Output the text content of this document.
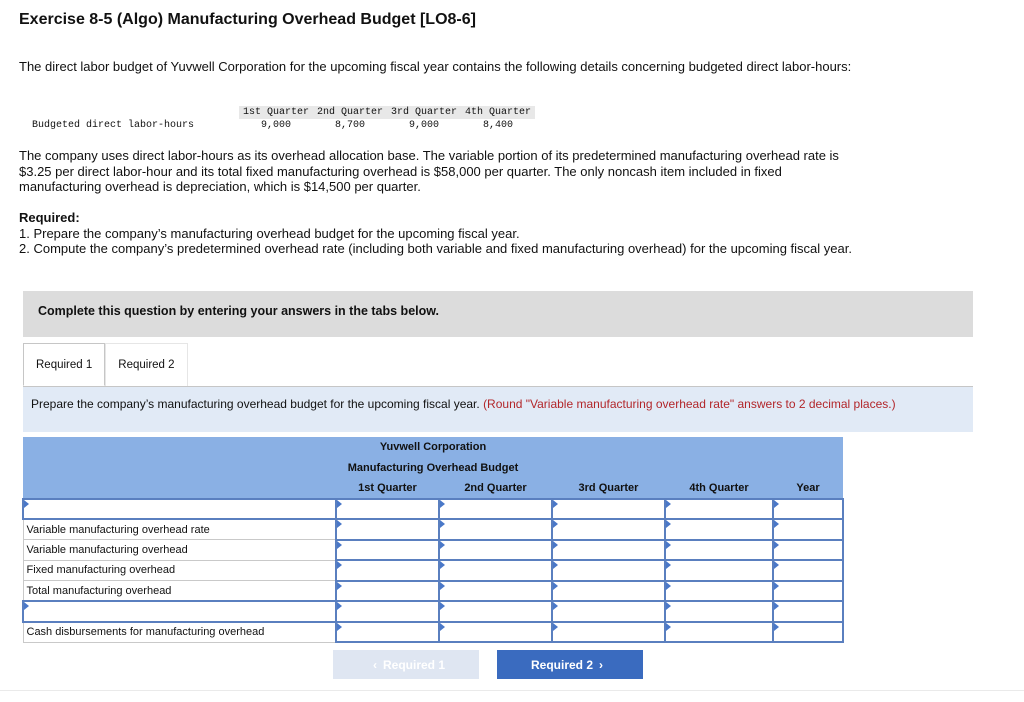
Exercise 8-5 (Algo) Manufacturing Overhead Budget [LO8-6]

The direct labor budget of Yuvwell Corporation for the upcoming fiscal year contains the following details concerning budgeted direct labor-hours:

	1st Quarter	2nd Quarter	3rd Quarter	4th Quarter
Budgeted direct labor-hours	9,000	8,700	9,000	8,400

The company uses direct labor-hours as its overhead allocation base. The variable portion of its predetermined manufacturing overhead rate is $3.25 per direct labor-hour and its total fixed manufacturing overhead is $58,000 per quarter. The only noncash item included in fixed manufacturing overhead is depreciation, which is $14,500 per quarter.

Required:

1. Prepare the company’s manufacturing overhead budget for the upcoming fiscal year.

2. Compute the company’s predetermined overhead rate (including both variable and fixed manufacturing overhead) for the upcoming fiscal year.

Complete this question by entering your answers in the tabs below.
Required 1	Required 2
Prepare the company’s manufacturing overhead budget for the upcoming fiscal year. (Round "Variable manufacturing overhead rate" answers to 2 decimal places.)
Yuvwell Corporation					
Manufacturing Overhead Budget					
	1st Quarter	2nd Quarter	3rd Quarter	4th Quarter	Year

Variable manufacturing overhead rate					
Variable manufacturing overhead					
Fixed manufacturing overhead					
Total manufacturing overhead					

Cash disbursements for manufacturing overhead					
‹ Required 1	Required 2 ›
